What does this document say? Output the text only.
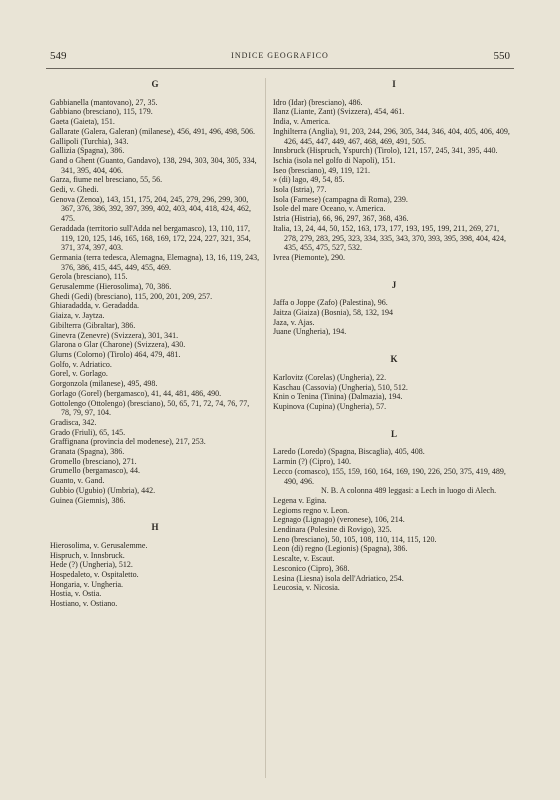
549	INDICE GEOGRAFICO	550
G
Gabbianella (mantovano), 27, 35.
Gabbiano (bresciano), 115, 179.
Gaeta (Gaieta), 151.
Gallarate (Galera, Galeran) (milanese), 456, 491, 496, 498, 506.
Gallipoli (Turchia), 343.
Gallizia (Spagna), 386.
Gand o Ghent (Guanto, Gandavo), 138, 294, 303, 304, 305, 334, 341, 395, 404, 406.
Garza, fiume nel bresciano, 55, 56.
Gedi, v. Ghedi.
Genova (Zenoa), 143, 151, 175, 204, 245, 279, 296, 299, 300, 367, 376, 386, 392, 397, 399, 402, 403, 404, 418, 424, 462, 475.
Geraddada (territorio sull'Adda nel bergamasco), 13, 110, 117, 119, 120, 125, 146, 165, 168, 169, 172, 224, 227, 321, 354, 371, 374, 397, 403.
Germania (terra tedesca, Alemagna, Elemagna), 13, 16, 119, 243, 376, 386, 415, 445, 449, 455, 469.
Gerola (bresciano), 115.
Gerusalemme (Hierosolima), 70, 386.
Ghedi (Gedi) (bresciano), 115, 200, 201, 209, 257.
Ghiaradadda, v. Geradadda.
Giaiza, v. Jaytza.
Gibilterra (Gibraltar), 386.
Ginevra (Zenevre) (Svizzera), 301, 341.
Glarona o Glar (Charone) (Svizzera), 430.
Glurns (Colorno) (Tirolo) 464, 479, 481.
Golfo, v. Adriatico.
Gorel, v. Gorlago.
Gorgonzola (milanese), 495, 498.
Gorlago (Gorel) (bergamasco), 41, 44, 481, 486, 490.
Gottolengo (Ottolengo) (bresciano), 50, 65, 71, 72, 74, 76, 77, 78, 79, 97, 104.
Gradisca, 342.
Grado (Friuli), 65, 145.
Graffignana (provincia del modenese), 217, 253.
Granata (Spagna), 386.
Gromello (bresciano), 271.
Grumello (bergamasco), 44.
Guanto, v. Gand.
Gubbio (Ugubio) (Umbria), 442.
Guinea (Giemnis), 386.
H
Hierosolima, v. Gerusalemme.
Hispruch, v. Innsbruck.
Hede (?) (Ungheria), 512.
Hospedaleto, v. Ospitaletto.
Hongaria, v. Ungheria.
Hostia, v. Ostia.
Hostiano, v. Ostiano.
I
Idro (Idar) (bresciano), 486.
Ilanz (Liante, Zant) (Svizzera), 454, 461.
India, v. America.
Inghilterra (Anglia), 91, 203, 244, 296, 305, 344, 346, 404, 405, 406, 409, 426, 445, 447, 449, 467, 468, 469, 491, 505.
Innsbruck (Hispruch, Yspurch) (Tirolo), 121, 157, 245, 341, 395, 440.
Ischia (isola nel golfo di Napoli), 151.
Iseo (bresciano), 49, 119, 121.
» (di) lago, 49, 54, 85.
Isola (Istria), 77.
Isola (Farnese) (campagna di Roma), 239.
Isole del mare Oceano, v. America.
Istria (Histria), 66, 96, 297, 367, 368, 436.
Italia, 13, 24, 44, 50, 152, 163, 173, 177, 193, 195, 199, 211, 269, 271, 278, 279, 283, 295, 323, 334, 335, 343, 370, 393, 395, 398, 404, 424, 435, 455, 475, 527, 532.
Ivrea (Piemonte), 290.
J
Jaffa o Joppe (Zafo) (Palestina), 96.
Jaitza (Giaiza) (Bosnia), 58, 132, 194
Jaza, v. Ajas.
Juane (Ungheria), 194.
K
Karlovitz (Corelas) (Ungheria), 22.
Kaschau (Cassovia) (Ungheria), 510, 512.
Knin o Tenina (Tinina) (Dalmazia), 194.
Kupinova (Cupina) (Ungheria), 57.
L
Laredo (Loredo) (Spagna, Biscaglia), 405, 408.
Larmin (?) (Cipro), 140.
Lecco (comasco), 155, 159, 160, 164, 169, 190, 226, 250, 375, 419, 489, 490, 496.
N. B. A colonna 489 leggasi: a Lech in luogo di Alech.
Legena v. Egina.
Legioms regno v. Leon.
Legnago (Lignago) (veronese), 106, 214.
Lendinara (Polesine di Rovigo), 325.
Leno (bresciano), 50, 105, 108, 110, 114, 115, 120.
Leon (di) regno (Legionis) (Spagna), 386.
Lescalte, v. Escaut.
Lesconico (Cipro), 368.
Lesina (Liesna) isola dell'Adriatico, 254.
Leucosia, v. Nicosia.
